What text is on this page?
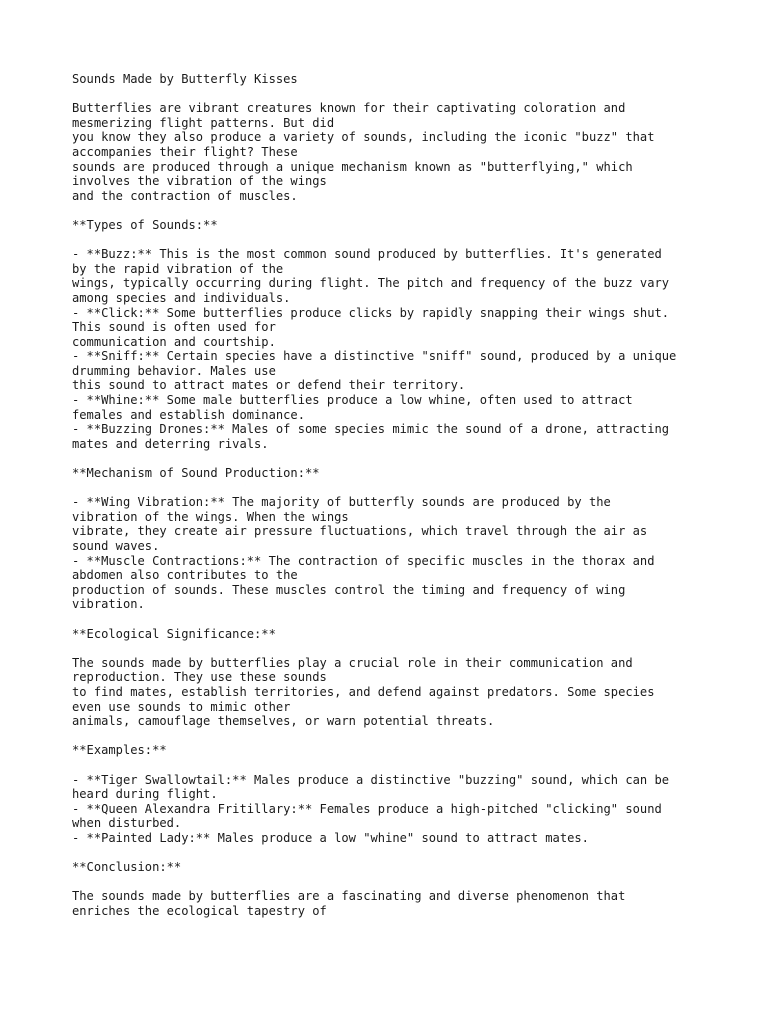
Sounds Made by Butterfly Kisses
Butterflies are vibrant creatures known for their captivating coloration and
mesmerizing flight patterns. But did
you know they also produce a variety of sounds, including the iconic "buzz" that
accompanies their flight? These
sounds are produced through a unique mechanism known as "butterflying," which
involves the vibration of the wings
and the contraction of muscles.
**Types of Sounds:**
- **Buzz:** This is the most common sound produced by butterflies. It's generated
by the rapid vibration of the
wings, typically occurring during flight. The pitch and frequency of the buzz vary
among species and individuals.
- **Click:** Some butterflies produce clicks by rapidly snapping their wings shut.
This sound is often used for
communication and courtship.
- **Sniff:** Certain species have a distinctive "sniff" sound, produced by a unique
drumming behavior. Males use
this sound to attract mates or defend their territory.
- **Whine:** Some male butterflies produce a low whine, often used to attract
females and establish dominance.
- **Buzzing Drones:** Males of some species mimic the sound of a drone, attracting
mates and deterring rivals.
**Mechanism of Sound Production:**
- **Wing Vibration:** The majority of butterfly sounds are produced by the
vibration of the wings. When the wings
vibrate, they create air pressure fluctuations, which travel through the air as
sound waves.
- **Muscle Contractions:** The contraction of specific muscles in the thorax and
abdomen also contributes to the
production of sounds. These muscles control the timing and frequency of wing
vibration.
**Ecological Significance:**
The sounds made by butterflies play a crucial role in their communication and
reproduction. They use these sounds
to find mates, establish territories, and defend against predators. Some species
even use sounds to mimic other
animals, camouflage themselves, or warn potential threats.
**Examples:**
- **Tiger Swallowtail:** Males produce a distinctive "buzzing" sound, which can be
heard during flight.
- **Queen Alexandra Fritillary:** Females produce a high-pitched "clicking" sound
when disturbed.
- **Painted Lady:** Males produce a low "whine" sound to attract mates.
**Conclusion:**
The sounds made by butterflies are a fascinating and diverse phenomenon that
enriches the ecological tapestry of
